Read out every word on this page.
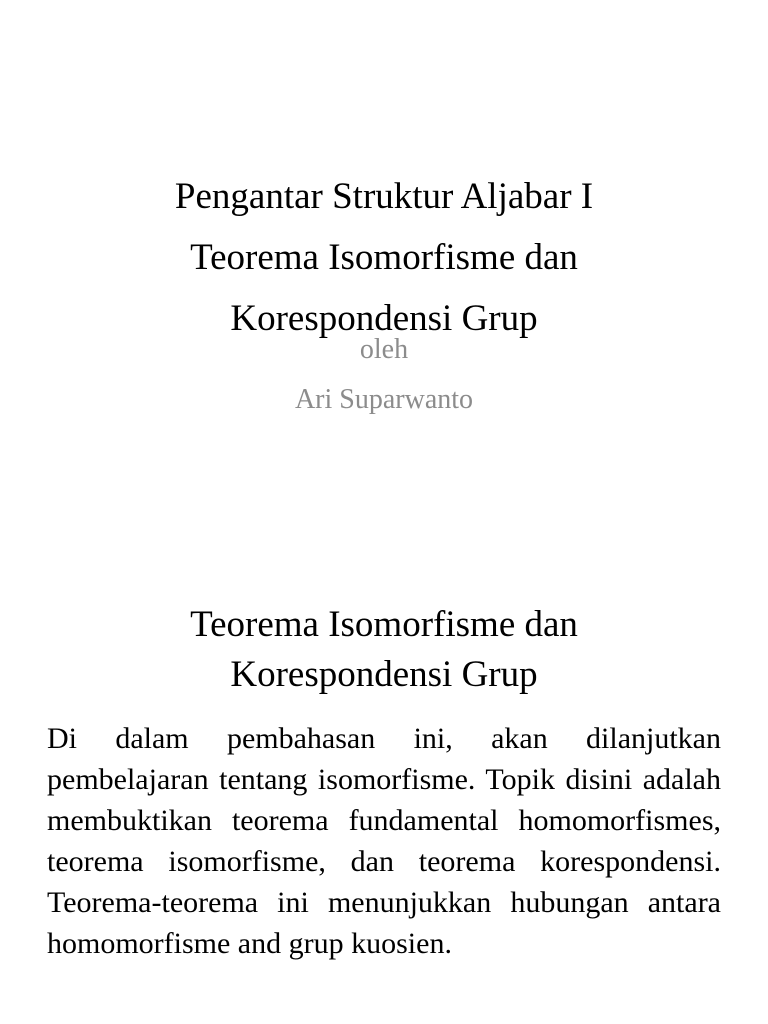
Pengantar Struktur Aljabar I
Teorema Isomorfisme dan
Korespondensi Grup
oleh
Ari Suparwanto
Teorema Isomorfisme dan
Korespondensi Grup

Di dalam pembahasan ini, akan dilanjutkan pembelajaran tentang isomorfisme. Topik disini adalah membuktikan teorema fundamental homomorfismes, teorema isomorfisme, dan teorema korespondensi. Teorema-teorema ini menunjukkan hubungan antara homomorfisme and grup kuosien.
